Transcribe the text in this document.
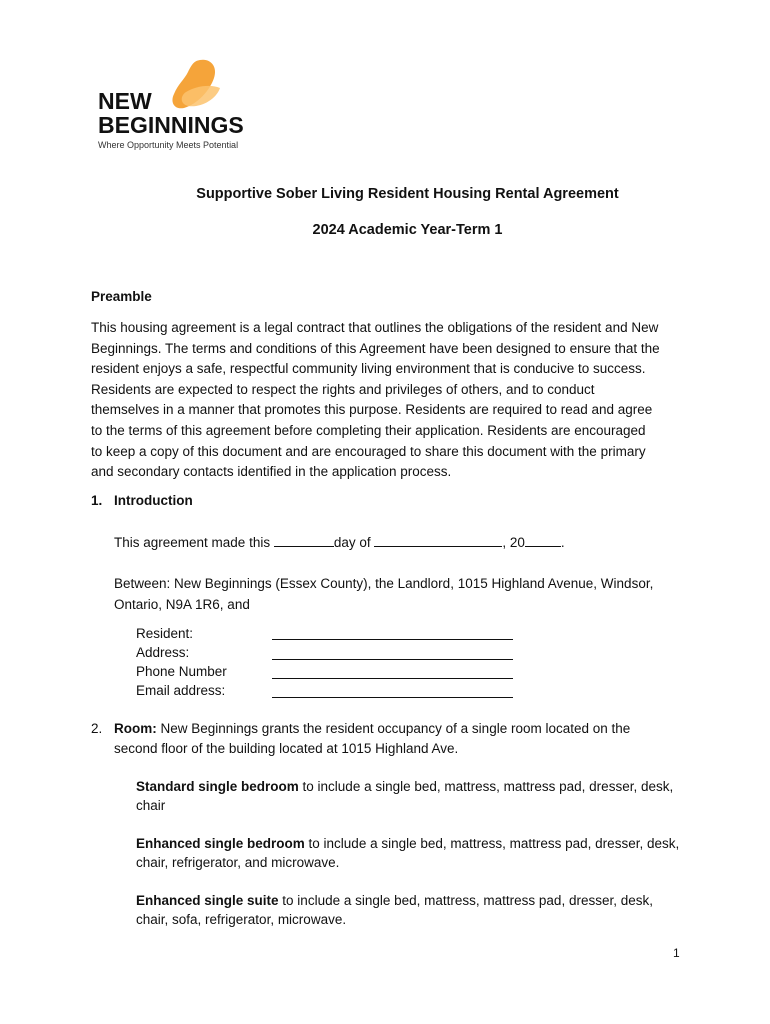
NEW
BEGINNINGS
Where Opportunity Meets Potential
Supportive Sober Living Resident Housing Rental Agreement
2024 Academic Year-Term 1
Preamble

This housing agreement is a legal contract that outlines the obligations of the resident and New

Beginnings. The terms and conditions of this Agreement have been designed to ensure that the

resident enjoys a safe, respectful community living environment that is conducive to success.

Residents are expected to respect the rights and privileges of others, and to conduct

themselves in a manner that promotes this purpose. Residents are required to read and agree

to the terms of this agreement before completing their application. Residents are encouraged

to keep a copy of this document and are encouraged to share this document with the primary

and secondary contacts identified in the application process.

1. Introduction
This agreement made this	day of	, 20	.
Between: New Beginnings (Essex County), the Landlord, 1015 Highland Avenue, Windsor,
Ontario, N9A 1R6, and
Resident:
Address:
Phone Number
Email address:
2. Room: New Beginnings grants the resident occupancy of a single room located on the
second floor of the building located at 1015 Highland Ave.
Standard single bedroom to include a single bed, mattress, mattress pad, dresser, desk,
chair
Enhanced single bedroom to include a single bed, mattress, mattress pad, dresser, desk,
chair, refrigerator, and microwave.
Enhanced single suite to include a single bed, mattress, mattress pad, dresser, desk,
chair, sofa, refrigerator, microwave.
1
